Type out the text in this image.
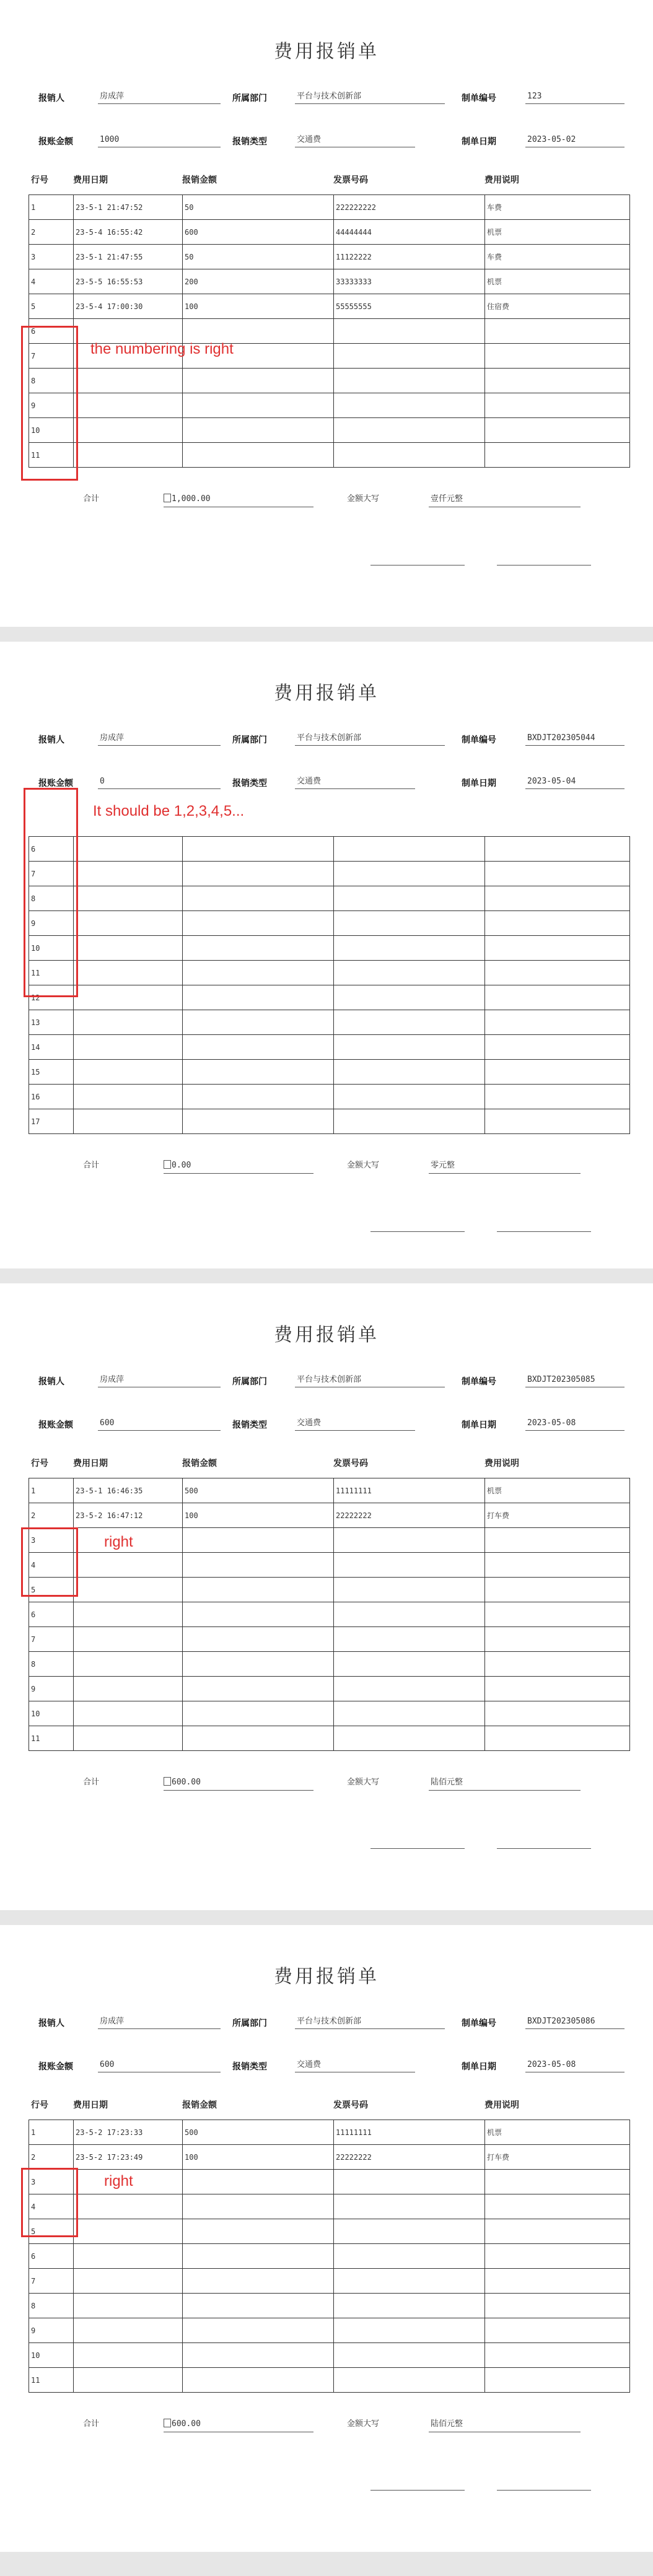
费用报销单
报销人	房成萍	所属部门	平台与技术创新部	制单编号	123
报账金额	1000	报销类型	交通费	制单日期	2023-05-02
行号	费用日期	报销金额	发票号码	费用说明
1	23-5-1 21:47:52	50	222222222	车费
2	23-5-4 16:55:42	600	44444444	机票
3	23-5-1 21:47:55	50	11122222	车费
4	23-5-5 16:55:53	200	33333333	机票
5	23-5-4 17:00:30	100	55555555	住宿费
6				
7				
8				
9				
10				
11				
合计	1,000.00	金额大写	壹仟元整
费用报销单
报销人	房成萍	所属部门	平台与技术创新部	制单编号	BXDJT202305044
报账金额	0	报销类型	交通费	制单日期	2023-05-04
6				
7				
8				
9				
10				
11				
12				
13				
14				
15				
16				
17				
合计	0.00	金额大写	零元整
费用报销单
报销人	房成萍	所属部门	平台与技术创新部	制单编号	BXDJT202305085
报账金额	600	报销类型	交通费	制单日期	2023-05-08
行号	费用日期	报销金额	发票号码	费用说明
1	23-5-1 16:46:35	500	11111111	机票
2	23-5-2 16:47:12	100	22222222	打车费
3				
4				
5				
6				
7				
8				
9				
10				
11				
合计	600.00	金额大写	陆佰元整
费用报销单
报销人	房成萍	所属部门	平台与技术创新部	制单编号	BXDJT202305086
报账金额	600	报销类型	交通费	制单日期	2023-05-08
行号	费用日期	报销金额	发票号码	费用说明
1	23-5-2 17:23:33	500	11111111	机票
2	23-5-2 17:23:49	100	22222222	打车费
3				
4				
5				
6				
7				
8				
9				
10				
11				
合计	600.00	金额大写	陆佰元整
the numbering is right
It should be 1,2,3,4,5...
right
right
